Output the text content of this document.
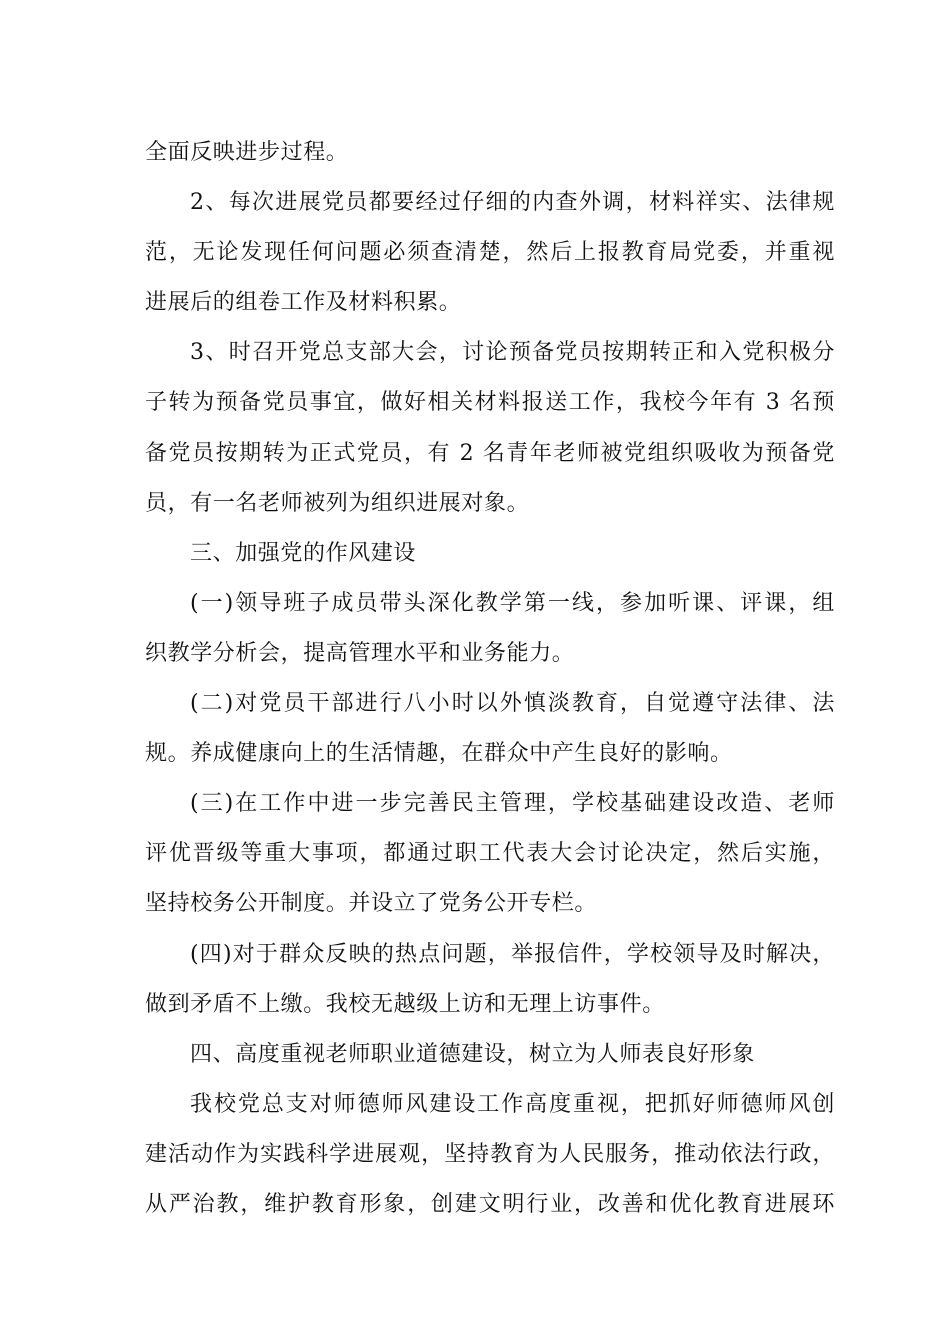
全面反映进步过程。
2、每次进展党员都要经过仔细的内查外调，材料祥实、法律规
范，无论发现任何问题必须查清楚，然后上报教育局党委，并重视
进展后的组卷工作及材料积累。
3、时召开党总支部大会，讨论预备党员按期转正和入党积极分
子转为预备党员事宜，做好相关材料报送工作，我校今年有 3 名预
备党员按期转为正式党员，有 2 名青年老师被党组织吸收为预备党
员，有一名老师被列为组织进展对象。
三、加强党的作风建设
(一)领导班子成员带头深化教学第一线，参加听课、评课，组
织教学分析会，提高管理水平和业务能力。
(二)对党员干部进行八小时以外慎淡教育，自觉遵守法律、法
规。养成健康向上的生活情趣，在群众中产生良好的影响。
(三)在工作中进一步完善民主管理，学校基础建设改造、老师
评优晋级等重大事项，都通过职工代表大会讨论决定，然后实施，
坚持校务公开制度。并设立了党务公开专栏。
(四)对于群众反映的热点问题，举报信件，学校领导及时解决，
做到矛盾不上缴。我校无越级上访和无理上访事件。
四、高度重视老师职业道德建设，树立为人师表良好形象
我校党总支对师德师风建设工作高度重视，把抓好师德师风创
建活动作为实践科学进展观，坚持教育为人民服务，推动依法行政，
从严治教，维护教育形象，创建文明行业，改善和优化教育进展环
